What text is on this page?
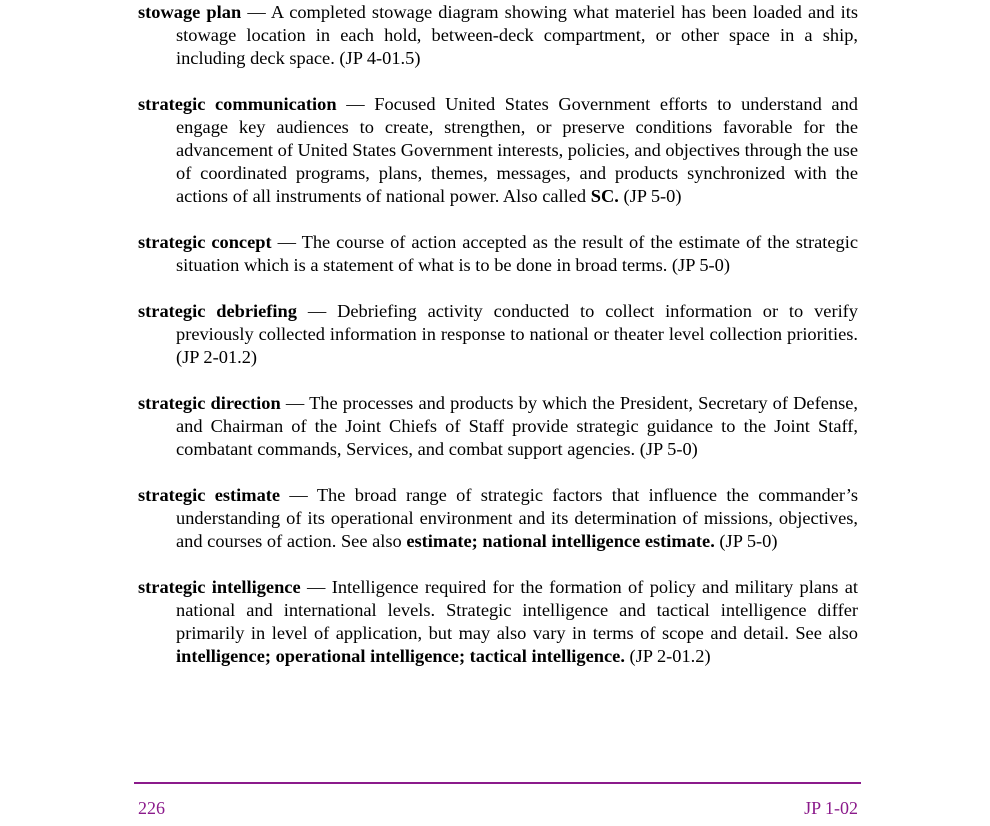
stowage plan — A completed stowage diagram showing what materiel has been loaded and its stowage location in each hold, between-deck compartment, or other space in a ship, including deck space. (JP 4-01.5)

strategic communication — Focused United States Government efforts to understand and engage key audiences to create, strengthen, or preserve conditions favorable for the advancement of United States Government interests, policies, and objectives through the use of coordinated programs, plans, themes, messages, and products synchronized with the actions of all instruments of national power. Also called SC. (JP 5-0)

strategic concept — The course of action accepted as the result of the estimate of the strategic situation which is a statement of what is to be done in broad terms. (JP 5-0)

strategic debriefing — Debriefing activity conducted to collect information or to verify previously collected information in response to national or theater level collection priorities. (JP 2-01.2)

strategic direction — The processes and products by which the President, Secretary of Defense, and Chairman of the Joint Chiefs of Staff provide strategic guidance to the Joint Staff, combatant commands, Services, and combat support agencies. (JP 5-0)

strategic estimate — The broad range of strategic factors that influence the commander’s understanding of its operational environment and its determination of missions, objectives, and courses of action. See also estimate; national intelligence estimate. (JP 5-0)

strategic intelligence — Intelligence required for the formation of policy and military plans at national and international levels. Strategic intelligence and tactical intelligence differ primarily in level of application, but may also vary in terms of scope and detail. See also intelligence; operational intelligence; tactical intelligence. (JP 2-01.2)

226	JP 1-02
